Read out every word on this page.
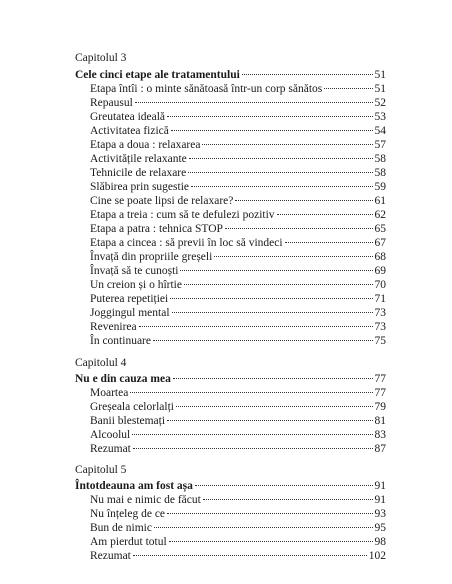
Capitolul 3
Cele cinci etape ale tratamentului	51
Etapa întîi : o minte sănătoasă într-un corp sănătos	51
Repausul	52
Greutatea ideală	53
Activitatea fizică	54
Etapa a doua : relaxarea	57
Activitățile relaxante	58
Tehnicile de relaxare	58
Slăbirea prin sugestie	59
Cine se poate lipsi de relaxare?	61
Etapa a treia : cum să te defulezi pozitiv	62
Etapa a patra : tehnica STOP	65
Etapa a cincea : să previi în loc să vindeci	67
Învață din propriile greșeli	68
Învață să te cunoști	69
Un creion și o hîrtie	70
Puterea repetiției	71
Joggingul mental	73
Revenirea	73
În continuare	75
Capitolul 4
Nu e din cauza mea	77
Moartea	77
Greșeala celorlalți	79
Banii blestemați	81
Alcoolul	83
Rezumat	87
Capitolul 5
Întotdeauna am fost așa	91
Nu mai e nimic de făcut	91
Nu înțeleg de ce	93
Bun de nimic	95
Am pierdut totul	98
Rezumat	102
